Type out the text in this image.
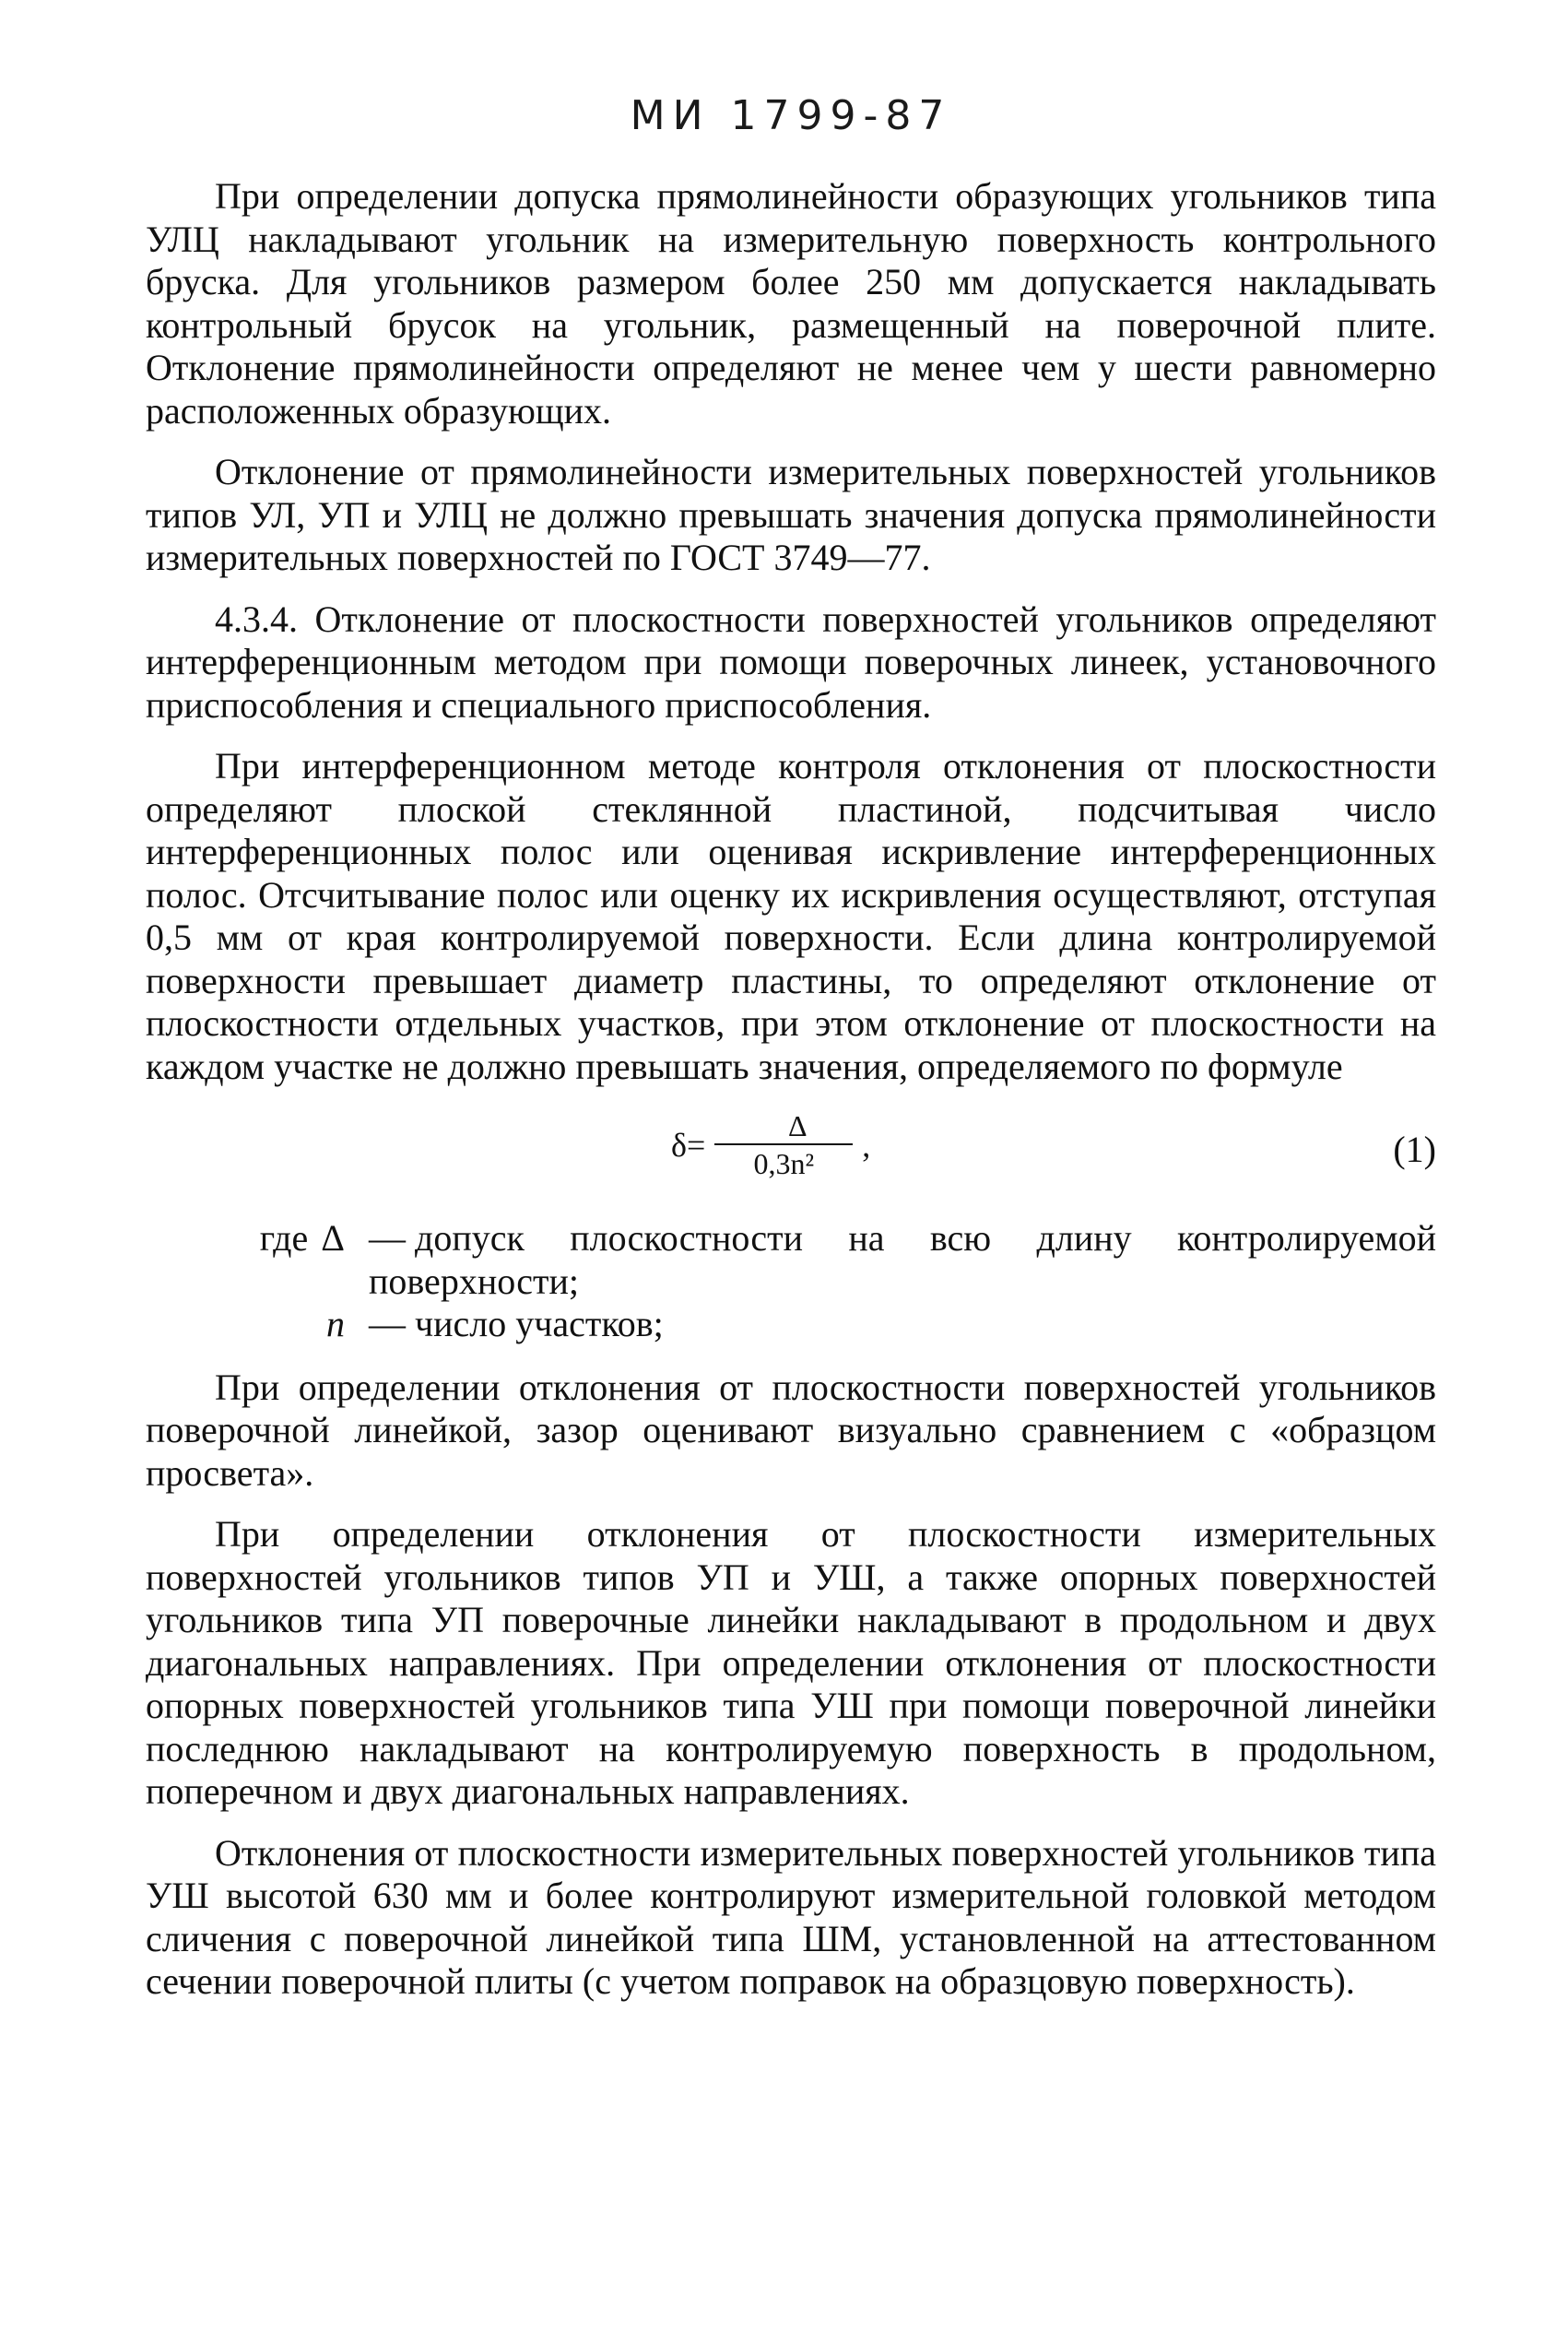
МИ 1799-87

При определении допуска прямолинейности образующих угольников типа УЛЦ накладывают угольник на измерительную поверхность контрольного бруска. Для угольников размером более 250 мм допускается накладывать контрольный брусок на угольник, размещенный на поверочной плите. Отклонение прямолинейности определяют не менее чем у шести равномерно расположенных образующих.

Отклонение от прямолинейности измерительных поверхностей угольников типов УЛ, УП и УЛЦ не должно превышать значения допуска прямолинейности измерительных поверхностей по ГОСТ 3749—77.

4.3.4. Отклонение от плоскостности поверхностей угольников определяют интерференционным методом при помощи поверочных линеек, установочного приспособления и специального приспособления.

При интерференционном методе контроля отклонения от плоскостности определяют плоской стеклянной пластиной, подсчитывая число интерференционных полос или оценивая искривление интерференционных полос. Отсчитывание полос или оценку их искривления осуществляют, отступая 0,5 мм от края контролируемой поверхности. Если длина контролируемой поверхности превышает диаметр пластины, то определяют отклонение от плоскостности отдельных участков, при этом отклонение от плоскостности на каждом участке не должно превышать значения, определяемого по формуле

$\delta= \frac{\Delta}{\text{0,3n²}}$ ,	(1)
где Δ — допуск плоскостности на всю длину контролируемой поверхности;
n — число участков;

При определении отклонения от плоскостности поверхностей угольников поверочной линейкой, зазор оценивают визуально сравнением с «образцом просвета».

При определении отклонения от плоскостности измерительных поверхностей угольников типов УП и УШ, а также опорных поверхностей угольников типа УП поверочные линейки накладывают в продольном и двух диагональных направлениях. При определении отклонения от плоскостности опорных поверхностей угольников типа УШ при помощи поверочной линейки последнюю накладывают на контролируемую поверхность в продольном, поперечном и двух диагональных направлениях.

Отклонения от плоскостности измерительных поверхностей угольников типа УШ высотой 630 мм и более контролируют измерительной головкой методом сличения с поверочной линейкой типа ШМ, установленной на аттестованном сечении поверочной плиты (с учетом поправок на образцовую поверхность).
